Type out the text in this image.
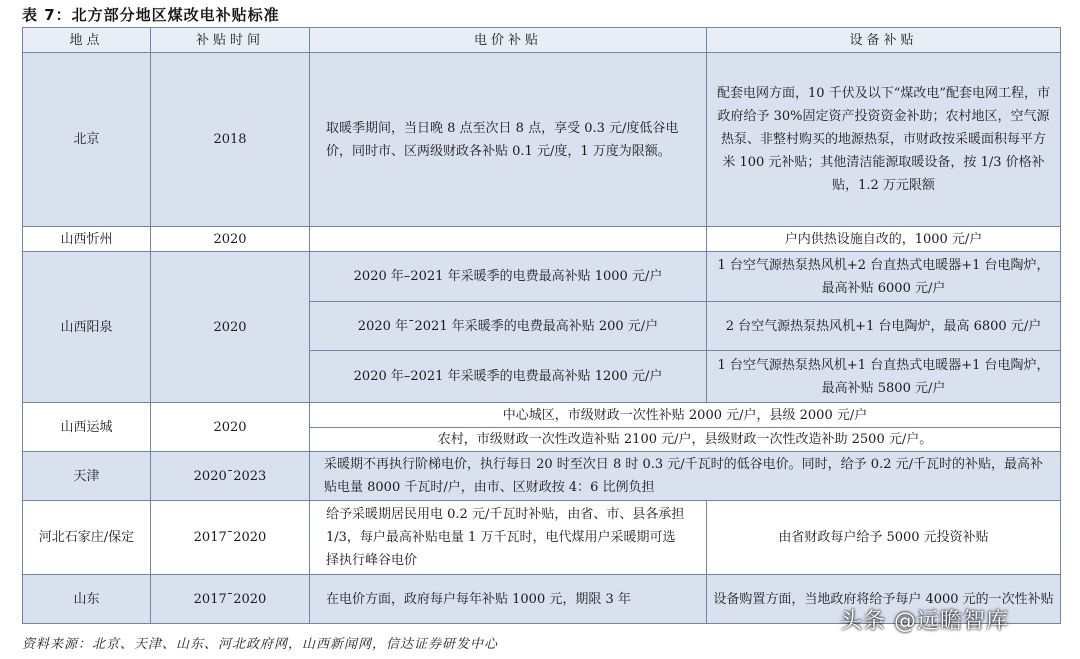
表 7：北方部分地区煤改电补贴标准
地点	补贴时间	电价补贴	设备补贴
北京	2018	取暖季期间，当日晚 8 点至次日 8 点，享受 0.3 元/度低谷电价，同时市、区两级财政各补贴 0.1 元/度，1 万度为限额。	配套电网方面，10 千伏及以下“煤改电”配套电网工程，市政府给予 30%固定资产投资资金补助；农村地区，空气源热泵、非整村购买的地源热泵，市财政按采暖面积每平方米 100 元补贴；其他清洁能源取暖设备，按 1/3 价格补贴，1.2 万元限额
山西忻州	2020		户内供热设施自改的，1000 元/户
山西阳泉	2020	2020 年–2021 年采暖季的电费最高补贴 1000 元/户	1 台空气源热泵热风机+2 台直热式电暖器+1 台电陶炉，最高补贴 6000 元/户
		2020 年¯2021 年采暖季的电费最高补贴 200 元/户	2 台空气源热泵热风机+1 台电陶炉，最高 6800 元/户
		2020 年–2021 年采暖季的电费最高补贴 1200 元/户	1 台空气源热泵热风机+1 台直热式电暖器+1 台电陶炉，最高补贴 5800 元/户
山西运城	2020	中心城区，市级财政一次性补贴 2000 元/户，县级 2000 元/户	
		农村，市级财政一次性改造补贴 2100 元/户，县级财政一次性改造补助 2500 元/户。	
天津	2020¯2023	采暖期不再执行阶梯电价，执行每日 20 时至次日 8 时 0.3 元/千瓦时的低谷电价。同时，给予 0.2 元/千瓦时的补贴，最高补贴电量 8000 千瓦时/户，由市、区财政按 4：6 比例负担	
河北石家庄/保定	2017¯2020	给予采暖期居民用电 0.2 元/千瓦时补贴，由省、市、县各承担 1/3，每户最高补贴电量 1 万千瓦时，电代煤用户采暖期可选择执行峰谷电价	由省财政每户给予 5000 元投资补贴
山东	2017¯2020	在电价方面，政府每户每年补贴 1000 元，期限 3 年	设备购置方面，当地政府将给予每户 4000 元的一次性补贴
资料来源：北京、天津、山东、河北政府网，山西新闻网，信达证券研发中心
头条 @远瞻智库
